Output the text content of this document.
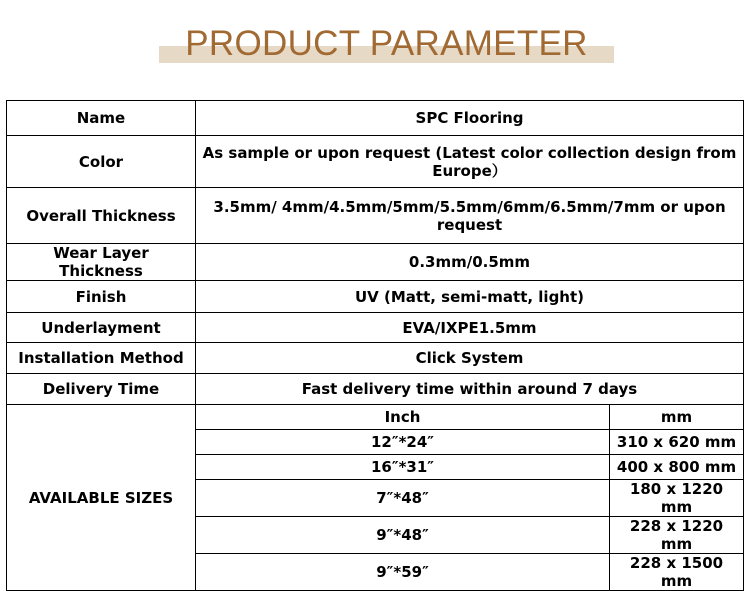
PRODUCT PARAMETER
Name	SPC Flooring	
Color	As sample or upon request (Latest color collection design from Europe）	
Overall Thickness	3.5mm/ 4mm/4.5mm/5mm/5.5mm/6mm/6.5mm/7mm or upon request	
Wear Layer Thickness	0.3mm/0.5mm	
Finish	UV (Matt, semi-matt, light)	
Underlayment	EVA/IXPE1.5mm	
Installation Method	Click System	
Delivery Time	Fast delivery time within around 7 days	
AVAILABLE SIZES	Inch	mm
	12″*24″	310 x 620 mm
	16″*31″	400 x 800 mm
	7″*48″	180 x 1220 mm
	9″*48″	228 x 1220 mm
	9″*59″	228 x 1500 mm
